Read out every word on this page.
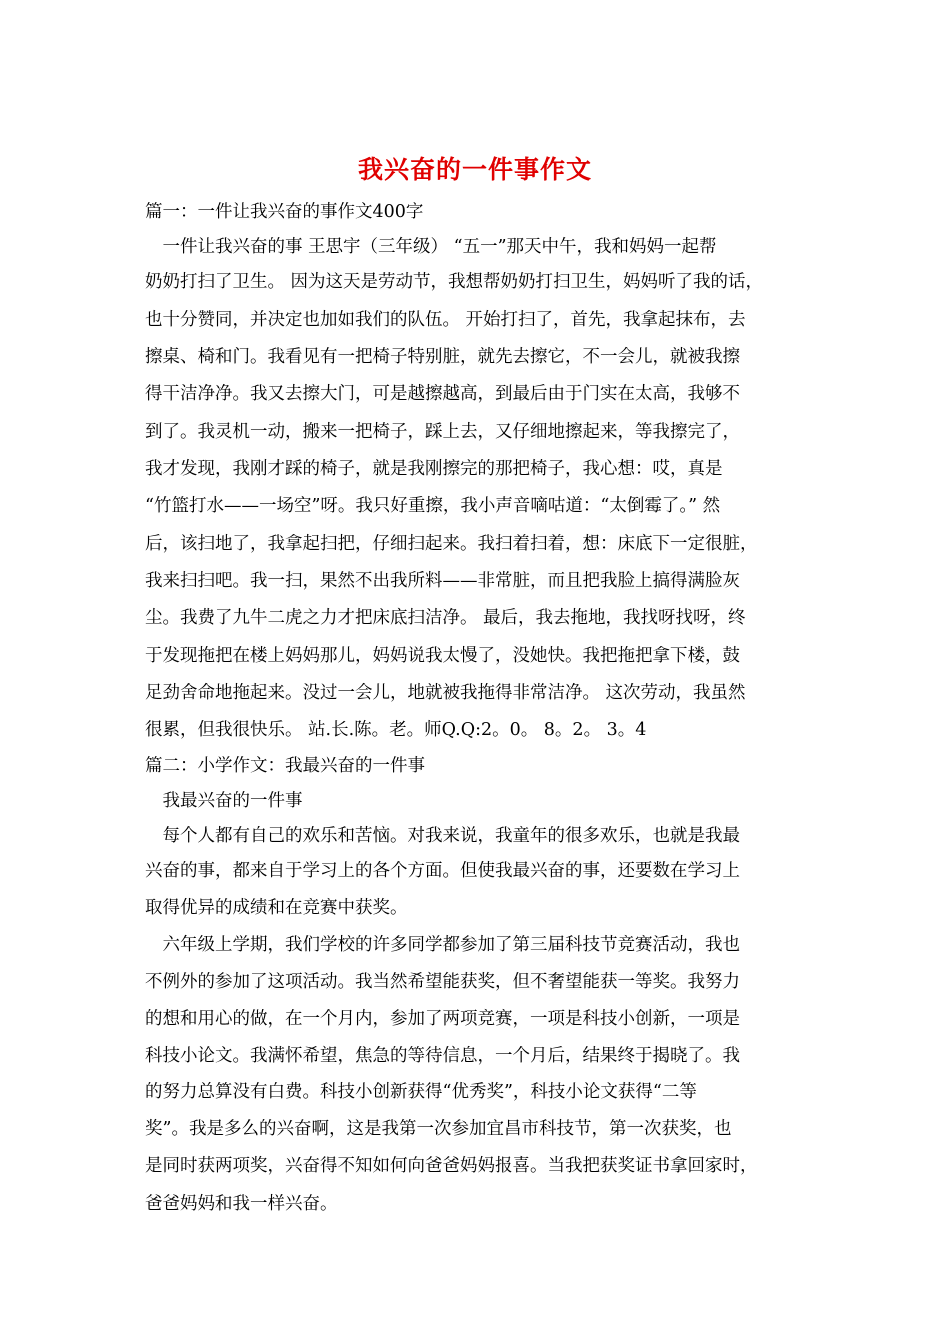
我兴奋的一件事作文
篇一：一件让我兴奋的事作文400字
　一件让我兴奋的事 王思宇（三年级） “五一”那天中午，我和妈妈一起帮
奶奶打扫了卫生。 因为这天是劳动节，我想帮奶奶打扫卫生，妈妈听了我的话，
也十分赞同，并决定也加如我们的队伍。 开始打扫了，首先，我拿起抹布，去
擦桌、椅和门。我看见有一把椅子特别脏，就先去擦它，不一会儿，就被我擦
得干洁净净。我又去擦大门，可是越擦越高，到最后由于门实在太高，我够不
到了。我灵机一动，搬来一把椅子，踩上去，又仔细地擦起来，等我擦完了，
我才发现，我刚才踩的椅子，就是我刚擦完的那把椅子，我心想：哎，真是
“竹篮打水——一场空”呀。我只好重擦，我小声音嘀咕道：“太倒霉了。” 然
后，该扫地了，我拿起扫把，仔细扫起来。我扫着扫着，想：床底下一定很脏，
我来扫扫吧。我一扫，果然不出我所料——非常脏，而且把我脸上搞得满脸灰
尘。我费了九牛二虎之力才把床底扫洁净。 最后，我去拖地，我找呀找呀，终
于发现拖把在楼上妈妈那儿，妈妈说我太慢了，没她快。我把拖把拿下楼，鼓
足劲舍命地拖起来。没过一会儿，地就被我拖得非常洁净。 这次劳动，我虽然
很累，但我很快乐。 站.长.陈。老。师Q.Q:2。0。 8。2。 3。4
篇二：小学作文：我最兴奋的一件事
　我最兴奋的一件事
　每个人都有自己的欢乐和苦恼。对我来说，我童年的很多欢乐，也就是我最
兴奋的事，都来自于学习上的各个方面。但使我最兴奋的事，还要数在学习上
取得优异的成绩和在竞赛中获奖。
　六年级上学期，我们学校的许多同学都参加了第三届科技节竞赛活动，我也
不例外的参加了这项活动。我当然希望能获奖，但不奢望能获一等奖。我努力
的想和用心的做，在一个月内，参加了两项竞赛，一项是科技小创新，一项是
科技小论文。我满怀希望，焦急的等待信息，一个月后，结果终于揭晓了。我
的努力总算没有白费。科技小创新获得“优秀奖”，科技小论文获得“二等
奖”。我是多么的兴奋啊，这是我第一次参加宜昌市科技节，第一次获奖，也
是同时获两项奖，兴奋得不知如何向爸爸妈妈报喜。当我把获奖证书拿回家时，
爸爸妈妈和我一样兴奋。
